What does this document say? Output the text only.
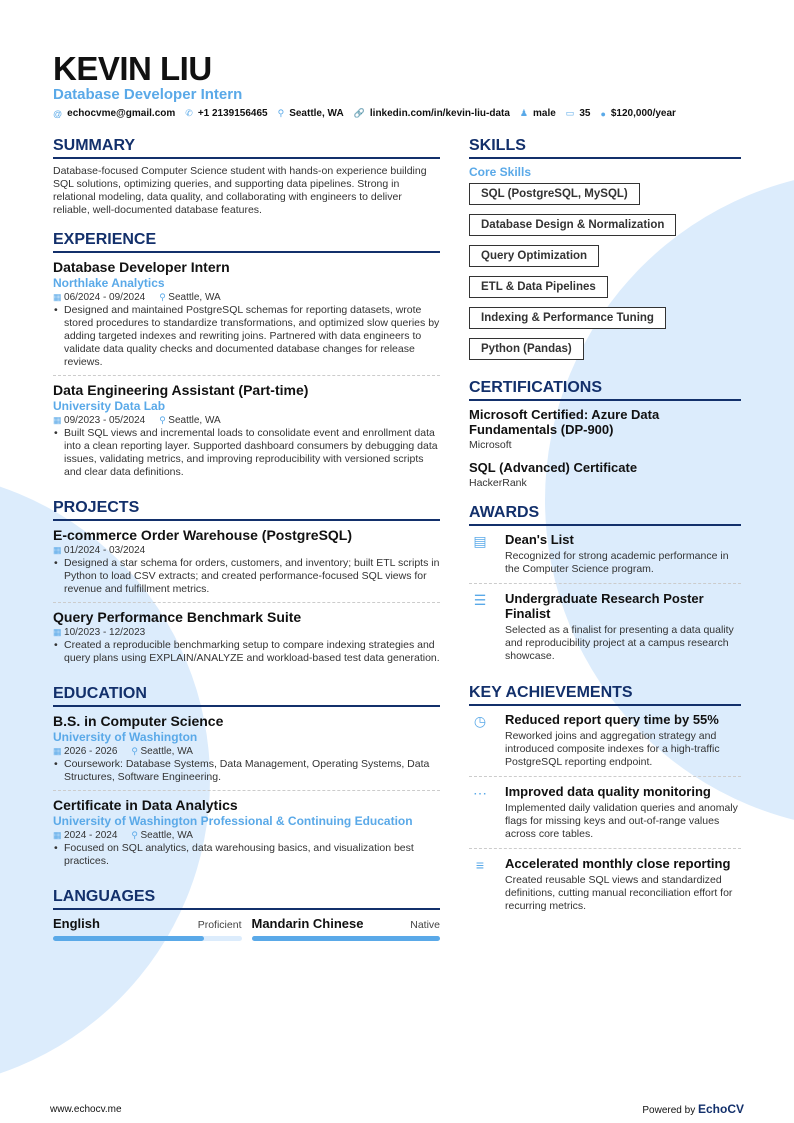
KEVIN LIU
Database Developer Intern
@ echocvme@gmail.com ✆ +1 2139156465 ⚲ Seattle, WA 🔗 linkedin.com/in/kevin-liu-data ♟ male ▭ 35 ● $120,000/year
SUMMARY
Database-focused Computer Science student with hands-on experience building SQL solutions, optimizing queries, and supporting data pipelines. Strong in relational modeling, data quality, and collaborating with engineers to deliver reliable, well-documented database features.
EXPERIENCE
Database Developer Intern
Northlake Analytics
▦ 06/2024 - 09/2024 ⚲ Seattle, WA
• Designed and maintained PostgreSQL schemas for reporting datasets, wrote stored procedures to standardize transformations, and optimized slow queries by adding targeted indexes and rewriting joins. Partnered with data engineers to validate data quality checks and documented database changes for release reviews.
Data Engineering Assistant (Part-time)
University Data Lab
▦ 09/2023 - 05/2024 ⚲ Seattle, WA
• Built SQL views and incremental loads to consolidate event and enrollment data into a clean reporting layer. Supported dashboard consumers by debugging data issues, validating metrics, and improving reproducibility with versioned scripts and clear data definitions.
PROJECTS
E-commerce Order Warehouse (PostgreSQL)
▦ 01/2024 - 03/2024
• Designed a star schema for orders, customers, and inventory; built ETL scripts in Python to load CSV extracts; and created performance-focused SQL views for revenue and fulfillment metrics.
Query Performance Benchmark Suite
▦ 10/2023 - 12/2023
• Created a reproducible benchmarking setup to compare indexing strategies and query plans using EXPLAIN/ANALYZE and workload-based test data generation.
EDUCATION
B.S. in Computer Science
University of Washington
▦ 2026 - 2026 ⚲ Seattle, WA
• Coursework: Database Systems, Data Management, Operating Systems, Data Structures, Software Engineering.
Certificate in Data Analytics
University of Washington Professional & Continuing Education
▦ 2024 - 2024 ⚲ Seattle, WA
• Focused on SQL analytics, data warehousing basics, and visualization best practices.
LANGUAGES
English	Proficient Mandarin Chinese	Native
SKILLS
Core Skills
SQL (PostgreSQL, MySQL)
Database Design & Normalization
Query Optimization
ETL & Data Pipelines
Indexing & Performance Tuning
Python (Pandas)

CERTIFICATIONS
Microsoft Certified: Azure Data Fundamentals (DP-900)
Microsoft
SQL (Advanced) Certificate
HackerRank
AWARDS
▤	Dean's List
Recognized for strong academic performance in the Computer Science program.
☰	Undergraduate Research Poster Finalist
Selected as a finalist for presenting a data quality and reproducibility project at a campus research showcase.
KEY ACHIEVEMENTS
◷	Reduced report query time by 55%
Reworked joins and aggregation strategy and introduced composite indexes for a high-traffic PostgreSQL reporting endpoint.
⋯	Improved data quality monitoring
Implemented daily validation queries and anomaly flags for missing keys and out-of-range values across core tables.
≡	Accelerated monthly close reporting
Created reusable SQL views and standardized definitions, cutting manual reconciliation effort for recurring metrics.
www.echocv.me	Powered by EchoCV
